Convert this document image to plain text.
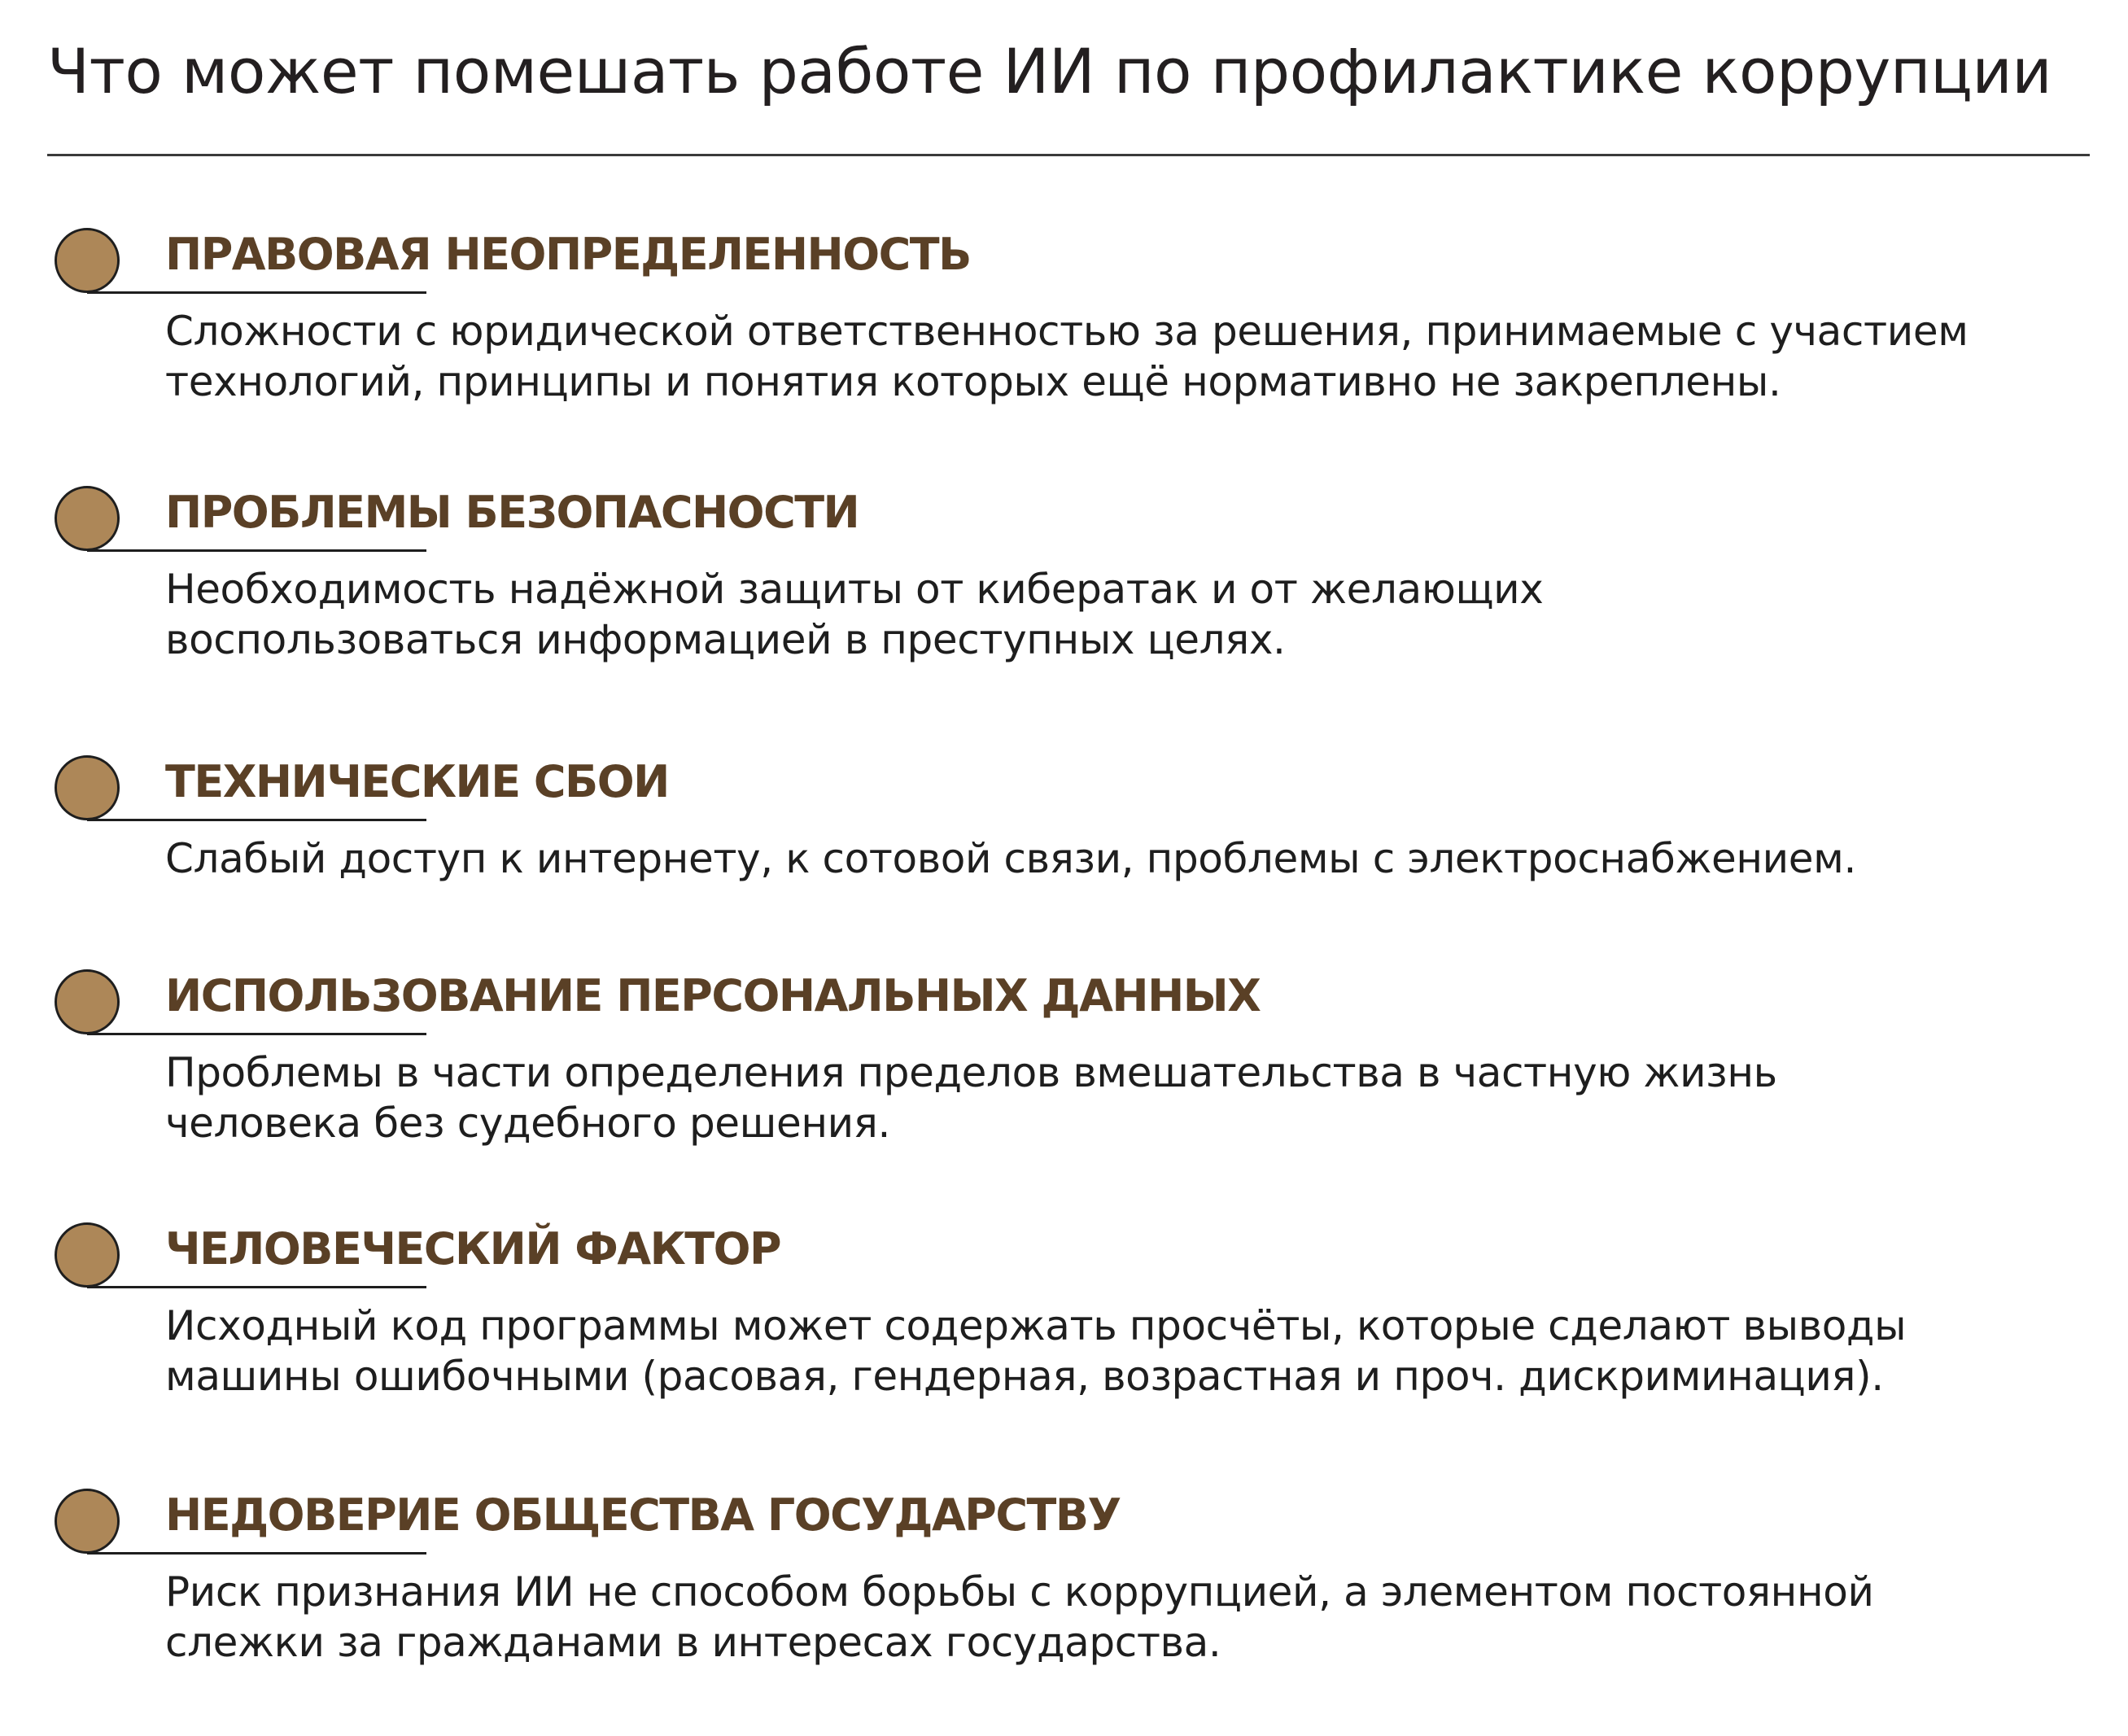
Что может помешать работе ИИ по профилактике коррупции
ПРАВОВАЯ НЕОПРЕДЕЛЕННОСТЬ

Сложности с юридической ответственностью за решения, принимаемые с участием
технологий, принципы и понятия которых ещё нормативно не закреплены.

ПРОБЛЕМЫ БЕЗОПАСНОСТИ

Необходимость надёжной защиты от кибератак и от желающих
воспользоваться информацией в преступных целях.

ТЕХНИЧЕСКИЕ СБОИ

Слабый доступ к интернету, к сотовой связи, проблемы с электроснабжением.

ИСПОЛЬЗОВАНИЕ ПЕРСОНАЛЬНЫХ ДАННЫХ

Проблемы в части определения пределов вмешательства в частную жизнь
человека без судебного решения.

ЧЕЛОВЕЧЕСКИЙ ФАКТОР

Исходный код программы может содержать просчёты, которые сделают выводы
машины ошибочными (расовая, гендерная, возрастная и проч. дискриминация).

НЕДОВЕРИЕ ОБЩЕСТВА ГОСУДАРСТВУ

Риск признания ИИ не способом борьбы с коррупцией, а элементом постоянной
слежки за гражданами в интересах государства.
